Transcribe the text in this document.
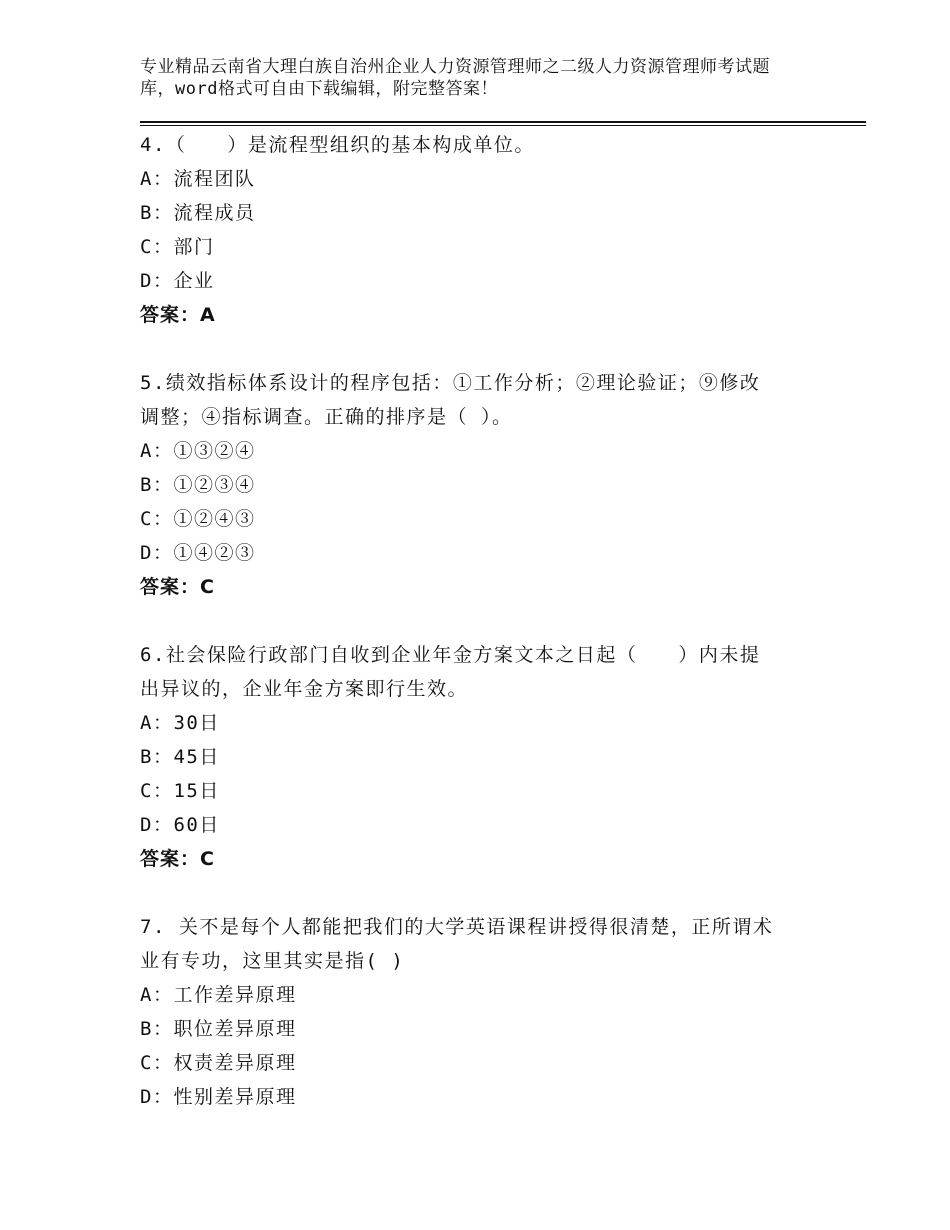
专业精品云南省大理白族自治州企业人力资源管理师之二级人力资源管理师考试题
库，word格式可自由下载编辑，附完整答案！

4.（　　）是流程型组织的基本构成单位。

A：流程团队

B：流程成员

C：部门

D：企业

答案：A

5.绩效指标体系设计的程序包括：①工作分析；②理论验证；⑨修改

调整；④指标调查。正确的排序是（ ）。

A：①③②④

B：①②③④

C：①②④③

D：①④②③

答案：C

6.社会保险行政部门自收到企业年金方案文本之日起（　　）内未提

出异议的，企业年金方案即行生效。

A：30日

B：45日

C：15日

D：60日

答案：C

7. 关不是每个人都能把我们的大学英语课程讲授得很清楚，正所谓术

业有专功，这里其实是指( )

A：工作差异原理

B：职位差异原理

C：权责差异原理

D：性别差异原理
